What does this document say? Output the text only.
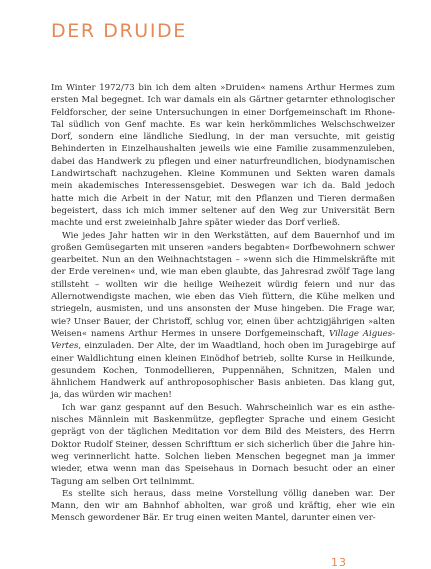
DER DRUIDE

Im Winter 1972/73 bin ich dem alten »Druiden« namens Arthur Hermes zum ersten Mal begegnet. Ich war damals ein als Gärtner getarnter ethnologischer Feldforscher, der seine Untersuchungen in einer Dorfgemeinschaft im Rhone-Tal südlich von Genf machte. Es war kein herkömmliches Welschschweizer Dorf, sondern eine ländliche Siedlung, in der man versuchte, mit geistig Behinderten in Einzelhaushalten jeweils wie eine Familie zusammenzuleben, dabei das Handwerk zu pflegen und einer naturfreundlichen, biodynamischen Landwirtschaft nachzugehen. Kleine Kommunen und Sekten waren damals mein akademisches Interessensgebiet. Deswegen war ich da. Bald jedoch hatte mich die Arbeit in der Natur, mit den Pflanzen und Tieren dermaßen begeistert, dass ich mich immer seltener auf den Weg zur Universität Bern machte und erst zweieinhalb Jahre später wieder das Dorf verließ.

Wie jedes Jahr hatten wir in den Werkstätten, auf dem Bauernhof und im großen Gemüsegarten mit unseren »anders begabten« Dorfbewohnern schwer gearbeitet. Nun an den Weihnachtstagen – »wenn sich die Himmelskräfte mit der Erde vereinen« und, wie man eben glaubte, das Jahresrad zwölf Tage lang stillsteht – wollten wir die heilige Weihezeit würdig feiern und nur das Allernotwendigste machen, wie eben das Vieh füttern, die Kühe melken und striegeln, ausmisten, und uns ansonsten der Muse hingeben. Die Frage war, wie? Unser Bauer, der Christoff, schlug vor, einen über achtzigjährigen »alten Weisen« namens Arthur Hermes in unsere Dorfgemeinschaft, Village Aigues-Vertes, einzuladen. Der Alte, der im Waadtland, hoch oben im Juragebirge auf einer Waldlichtung einen kleinen Einödhof betrieb, sollte Kurse in Heilkunde, gesundem Kochen, Tonmodellieren, Puppennähen, Schnitzen, Malen und ähnlichem Handwerk auf anthroposophischer Basis anbieten. Das klang gut, ja, das würden wir machen!

Ich war ganz gespannt auf den Besuch. Wahrscheinlich war es ein asthenisches Männlein mit Baskenmütze, gepflegter Sprache und einem Gesicht geprägt von der täglichen Meditation vor dem Bild des Meisters, des Herrn Doktor Rudolf Steiner, dessen Schrifttum er sich sicherlich über die Jahre hinweg verinnerlicht hatte. Solchen lieben Menschen begegnet man ja immer wieder, etwa wenn man das Speisehaus in Dornach besucht oder an einer Tagung am selben Ort teilnimmt.

Es stellte sich heraus, dass meine Vorstellung völlig daneben war. Der Mann, den wir am Bahnhof abholten, war groß und kräftig, eher wie ein Mensch gewordener Bär. Er trug einen weiten Mantel, darunter einen ver-

13
